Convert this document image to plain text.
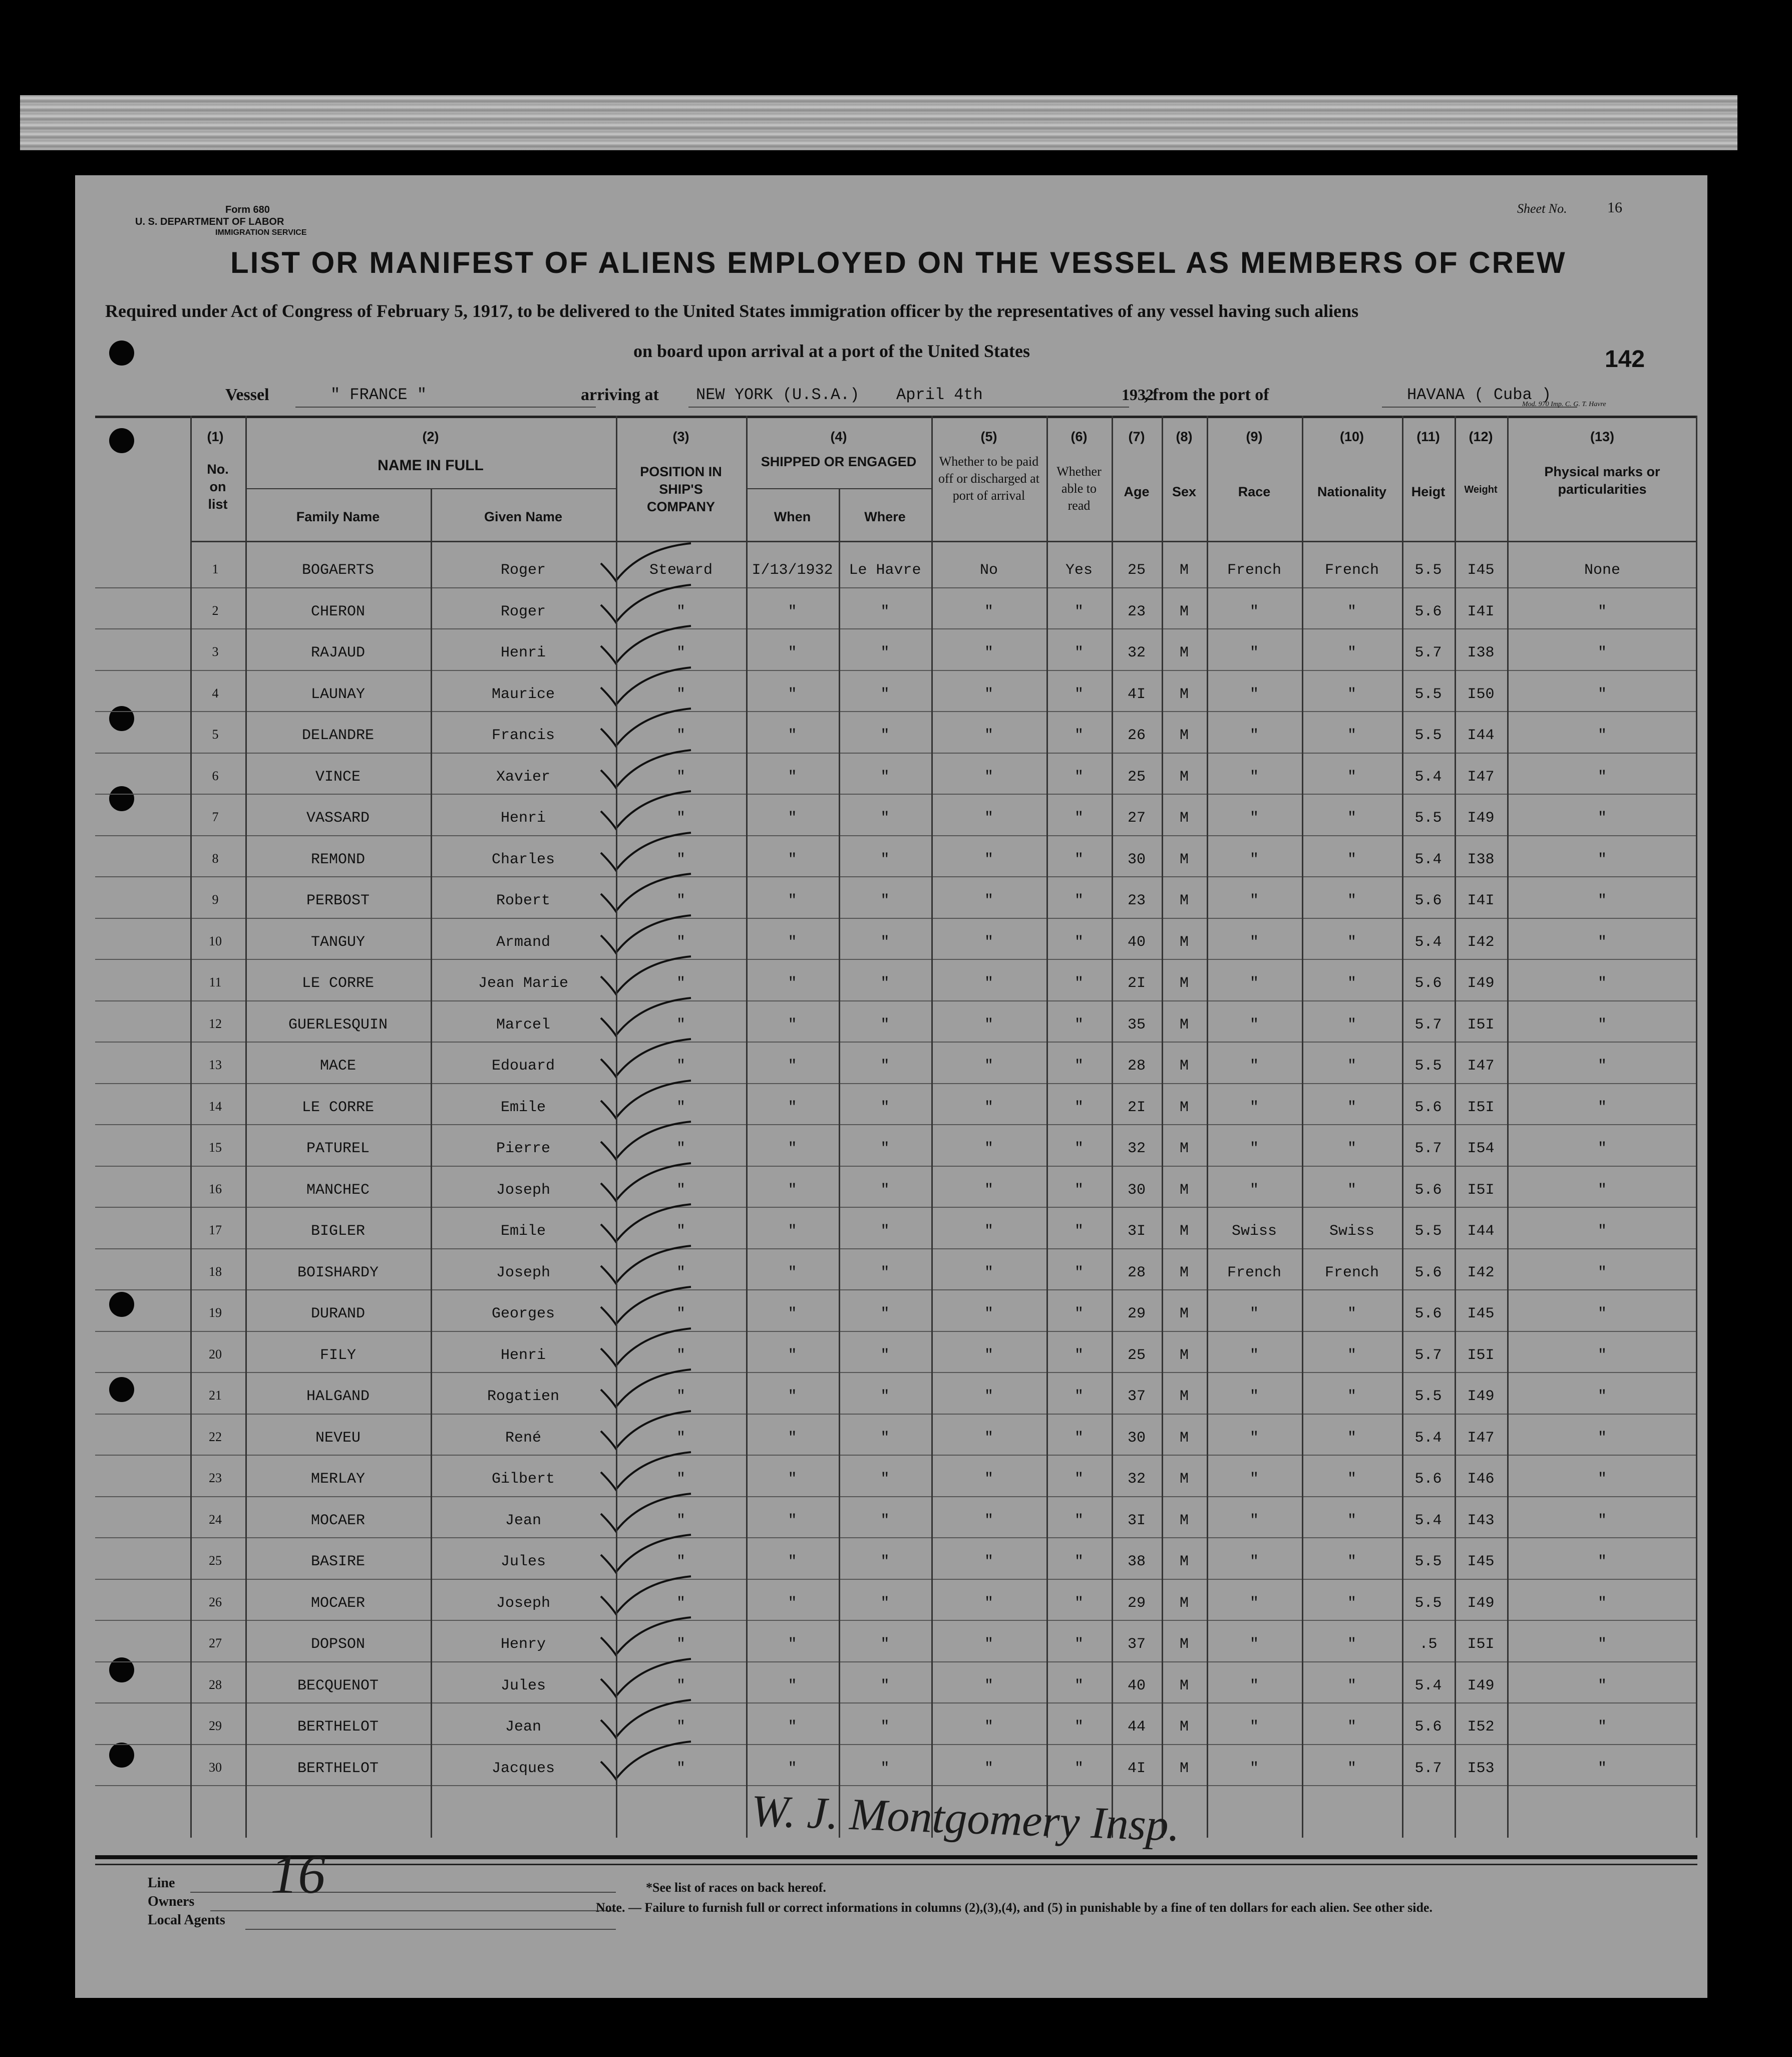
Form 680
U. S. DEPARTMENT OF LABOR
IMMIGRATION SERVICE
Sheet No.	16
LIST OR MANIFEST OF ALIENS EMPLOYED ON THE VESSEL AS MEMBERS OF CREW
Required under Act of Congress of February 5, 1917, to be delivered to the United States immigration officer by the representatives of any vessel having such aliens
on board upon arrival at a port of the United States	142
Vessel	" FRANCE "	arriving at NEW YORK (U.S.A.) April 4th	1932
, from the port of	HAVANA ( Cuba )
Mod. 970 Imp. C. G. T. Havre
(1)	(2)	(3)	(4)	(5)	(6)	(7)	(8)	(9)	(10)	(11)	(12)	(13)
No. on list
NAME IN FULL
Family Name	Given Name
POSITION IN SHIP'S COMPANY
SHIPPED OR ENGAGED
When	Where
Whether to be paid off or discharged at port of arrival
Whether able to read
Age	Sex	Race	Nationality	Heigt	Weight
Physical marks or particularities
1	BOGAERTS	Roger	Steward	I/13/1932	Le Havre	No	Yes	25	M	French	French	5.5	I45	None
2	CHERON	Roger	"	"	"	"	"	23	M	"	"	5.6	I4I	"
3	RAJAUD	Henri	"	"	"	"	"	32	M	"	"	5.7	I38	"
4	LAUNAY	Maurice	"	"	"	"	"	4I	M	"	"	5.5	I50	"
5	DELANDRE	Francis	"	"	"	"	"	26	M	"	"	5.5	I44	"
6	VINCE	Xavier	"	"	"	"	"	25	M	"	"	5.4	I47	"
7	VASSARD	Henri	"	"	"	"	"	27	M	"	"	5.5	I49	"
8	REMOND	Charles	"	"	"	"	"	30	M	"	"	5.4	I38	"
9	PERBOST	Robert	"	"	"	"	"	23	M	"	"	5.6	I4I	"
10	TANGUY	Armand	"	"	"	"	"	40	M	"	"	5.4	I42	"
11	LE CORRE	Jean Marie	"	"	"	"	"	2I	M	"	"	5.6	I49	"
12	GUERLESQUIN	Marcel	"	"	"	"	"	35	M	"	"	5.7	I5I	"
13	MACE	Edouard	"	"	"	"	"	28	M	"	"	5.5	I47	"
14	LE CORRE	Emile	"	"	"	"	"	2I	M	"	"	5.6	I5I	"
15	PATUREL	Pierre	"	"	"	"	"	32	M	"	"	5.7	I54	"
16	MANCHEC	Joseph	"	"	"	"	"	30	M	"	"	5.6	I5I	"
17	BIGLER	Emile	"	"	"	"	"	3I	M	Swiss	Swiss	5.5	I44	"
18	BOISHARDY	Joseph	"	"	"	"	"	28	M	French	French	5.6	I42	"
19	DURAND	Georges	"	"	"	"	"	29	M	"	"	5.6	I45	"
20	FILY	Henri	"	"	"	"	"	25	M	"	"	5.7	I5I	"
21	HALGAND	Rogatien	"	"	"	"	"	37	M	"	"	5.5	I49	"
22	NEVEU	René	"	"	"	"	"	30	M	"	"	5.4	I47	"
23	MERLAY	Gilbert	"	"	"	"	"	32	M	"	"	5.6	I46	"
24	MOCAER	Jean	"	"	"	"	"	3I	M	"	"	5.4	I43	"
25	BASIRE	Jules	"	"	"	"	"	38	M	"	"	5.5	I45	"
26	MOCAER	Joseph	"	"	"	"	"	29	M	"	"	5.5	I49	"
27	DOPSON	Henry	"	"	"	"	"	37	M	"	"	.5	I5I	"
28	BECQUENOT	Jules	"	"	"	"	"	40	M	"	"	5.4	I49	"
29	BERTHELOT	Jean	"	"	"	"	"	44	M	"	"	5.6	I52	"
30	BERTHELOT	Jacques	"	"	"	"	"	4I	M	"	"	5.7	I53	"
Line
Owners
Local Agents
16	*See list of races on back hereof.
Note. — Failure to furnish full or correct informations in columns (2),(3),(4), and (5) in punishable by a fine of ten dollars for each alien. See other side.
W. J. Montgomery Insp.
